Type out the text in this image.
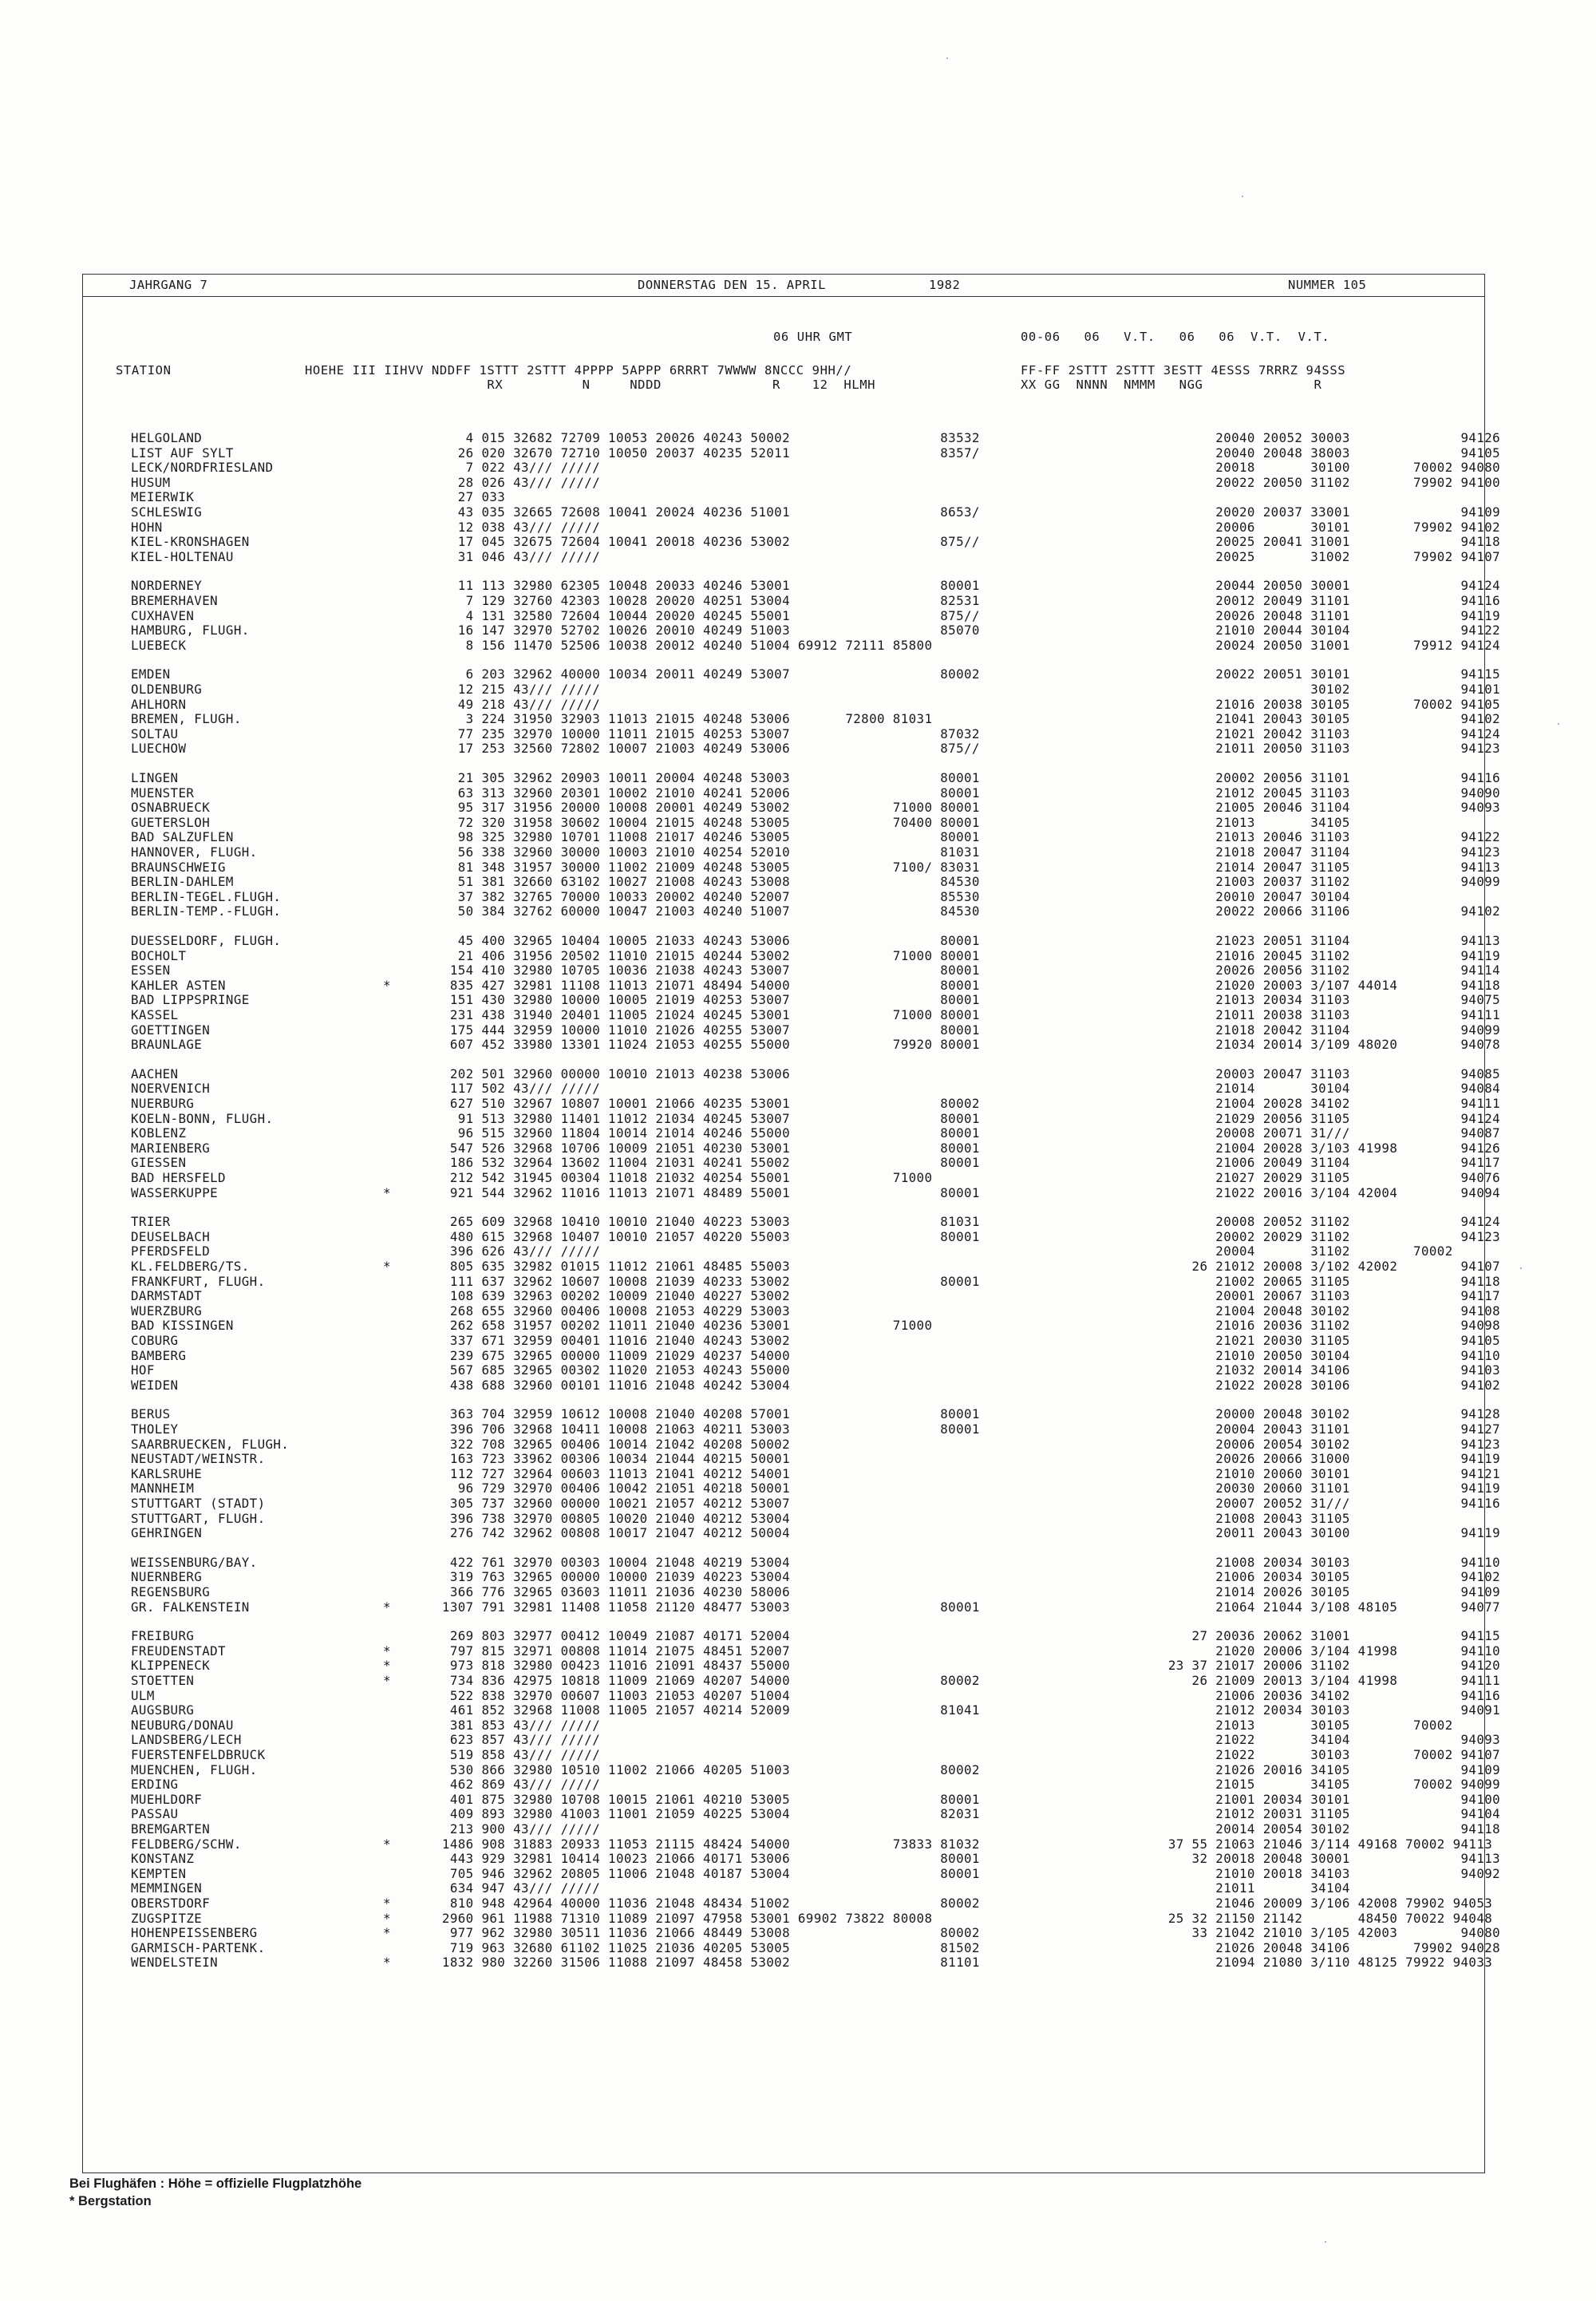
JAHRGANG 7	DONNERSTAG DEN 15. APRIL	1982	NUMMER 105
06 UHR GMT	00-06   06   V.T.   06   06  V.T.  V.T.
STATION	HOEHE III IIHVV NDDFF 1STTT 2STTT 4PPPP 5APPP 6RRRT 7WWWW 8NCCC 9HH//
RX          N     NDDD              R    12  HLMH
FF-FF 2STTT 2STTT 3ESTT 4ESSS 7RRRZ 94SSS
XX GG  NNNN  NMMM   NGG              R
HELGOLAND	4 015 32682 72709 10053 20026 40243 50002                   83532	20040 20052 30003              94126
LIST AUF SYLT	26 020 32670 72710 10050 20037 40235 52011                   8357/	20040 20048 38003              94105
LECK/NORDFRIESLAND	7 022 43/// /////	20018       30100        70002 94080
HUSUM	28 026 43/// /////	20022 20050 31102        79902 94100
MEIERWIK	27 033
SCHLESWIG	43 035 32665 72608 10041 20024 40236 51001                   8653/	20020 20037 33001              94109
HOHN	12 038 43/// /////	20006       30101        79902 94102
KIEL-KRONSHAGEN	17 045 32675 72604 10041 20018 40236 53002                   875//	20025 20041 31001              94118
KIEL-HOLTENAU	31 046 43/// /////	20025       31002        79902 94107
NORDERNEY	11 113 32980 62305 10048 20033 40246 53001                   80001	20044 20050 30001              94124
BREMERHAVEN	7 129 32760 42303 10028 20020 40251 53004                   82531	20012 20049 31101              94116
CUXHAVEN	4 131 32580 72604 10044 20020 40245 55001                   875//	20026 20048 31101              94119
HAMBURG, FLUGH.	16 147 32970 52702 10026 20010 40249 51003                   85070	21010 20044 30104              94122
LUEBECK	8 156 11470 52506 10038 20012 40240 51004 69912 72111 85800	20024 20050 31001        79912 94124
EMDEN	6 203 32962 40000 10034 20011 40249 53007                   80002	20022 20051 30101              94115
OLDENBURG	12 215 43/// /////	30102              94101
AHLHORN	49 218 43/// /////	21016 20038 30105        70002 94105
BREMEN, FLUGH.	3 224 31950 32903 11013 21015 40248 53006       72800 81031	21041 20043 30105              94102
SOLTAU	77 235 32970 10000 11011 21015 40253 53007                   87032	21021 20042 31103              94124
LUECHOW	17 253 32560 72802 10007 21003 40249 53006                   875//	21011 20050 31103              94123
LINGEN	21 305 32962 20903 10011 20004 40248 53003                   80001	20002 20056 31101              94116
MUENSTER	63 313 32960 20301 10002 21010 40241 52006                   80001	21012 20045 31103              94090
OSNABRUECK	95 317 31956 20000 10008 20001 40249 53002             71000 80001	21005 20046 31104              94093
GUETERSLOH	72 320 31958 30602 10004 21015 40248 53005             70400 80001	21013       34105
BAD SALZUFLEN	98 325 32980 10701 11008 21017 40246 53005                   80001	21013 20046 31103              94122
HANNOVER, FLUGH.	56 338 32960 30000 10003 21010 40254 52010                   81031	21018 20047 31104              94123
BRAUNSCHWEIG	81 348 31957 30000 11002 21009 40248 53005             7100/ 83031	21014 20047 31105              94113
BERLIN-DAHLEM	51 381 32660 63102 10027 21008 40243 53008                   84530	21003 20037 31102              94099
BERLIN-TEGEL.FLUGH.	37 382 32765 70000 10033 20002 40240 52007                   85530	20010 20047 30104
BERLIN-TEMP.-FLUGH.	50 384 32762 60000 10047 21003 40240 51007                   84530	20022 20066 31106              94102
DUESSELDORF, FLUGH.	45 400 32965 10404 10005 21033 40243 53006                   80001	21023 20051 31104              94113
BOCHOLT	21 406 31956 20502 11010 21015 40244 53002             71000 80001	21016 20045 31102              94119
ESSEN	154 410 32980 10705 10036 21038 40243 53007                   80001	20026 20056 31102              94114
KAHLER ASTEN	*	835 427 32981 11108 11013 21071 48494 54000                   80001	21020 20003 3/107 44014        94118
BAD LIPPSPRINGE	151 430 32980 10000 10005 21019 40253 53007                   80001	21013 20034 31103              94075
KASSEL	231 438 31940 20401 11005 21024 40245 53001             71000 80001	21011 20038 31103              94111
GOETTINGEN	175 444 32959 10000 11010 21026 40255 53007                   80001	21018 20042 31104              94099
BRAUNLAGE	607 452 33980 13301 11024 21053 40255 55000             79920 80001	21034 20014 3/109 48020        94078
AACHEN	202 501 32960 00000 10010 21013 40238 53006	20003 20047 31103              94085
NOERVENICH	117 502 43/// /////	21014       30104              94084
NUERBURG	627 510 32967 10807 10001 21066 40235 53001                   80002	21004 20028 34102              94111
KOELN-BONN, FLUGH.	91 513 32980 11401 11012 21034 40245 53007                   80001	21029 20056 31105              94124
KOBLENZ	96 515 32960 11804 10014 21014 40246 55000                   80001	20008 20071 31///              94087
MARIENBERG	547 526 32968 10706 10009 21051 40230 53001                   80001	21004 20028 3/103 41998        94126
GIESSEN	186 532 32964 13602 11004 21031 40241 55002                   80001	21006 20049 31104              94117
BAD HERSFELD	212 542 31945 00304 11018 21032 40254 55001             71000	21027 20029 31105              94076
WASSERKUPPE	*	921 544 32962 11016 11013 21071 48489 55001                   80001	21022 20016 3/104 42004        94094
TRIER	265 609 32968 10410 10010 21040 40223 53003                   81031	20008 20052 31102              94124
DEUSELBACH	480 615 32968 10407 10010 21057 40220 55003                   80001	20002 20029 31102              94123
PFERDSFELD	396 626 43/// /////	20004       31102        70002
KL.FELDBERG/TS.	*	805 635 32982 01015 11012 21061 48485 55003	26 21012 20008 3/102 42002        94107
FRANKFURT, FLUGH.	111 637 32962 10607 10008 21039 40233 53002                   80001	21002 20065 31105              94118
DARMSTADT	108 639 32963 00202 10009 21040 40227 53002	20001 20067 31103              94117
WUERZBURG	268 655 32960 00406 10008 21053 40229 53003	21004 20048 30102              94108
BAD KISSINGEN	262 658 31957 00202 11011 21040 40236 53001             71000	21016 20036 31102              94098
COBURG	337 671 32959 00401 11016 21040 40243 53002	21021 20030 31105              94105
BAMBERG	239 675 32965 00000 11009 21029 40237 54000	21010 20050 30104              94110
HOF	567 685 32965 00302 11020 21053 40243 55000	21032 20014 34106              94103
WEIDEN	438 688 32960 00101 11016 21048 40242 53004	21022 20028 30106              94102
BERUS	363 704 32959 10612 10008 21040 40208 57001                   80001	20000 20048 30102              94128
THOLEY	396 706 32968 10411 10008 21063 40211 53003                   80001	20004 20043 31101              94127
SAARBRUECKEN, FLUGH.	322 708 32965 00406 10014 21042 40208 50002	20006 20054 30102              94123
NEUSTADT/WEINSTR.	163 723 33962 00306 10034 21044 40215 50001	20026 20066 31000              94119
KARLSRUHE	112 727 32964 00603 11013 21041 40212 54001	21010 20060 30101              94121
MANNHEIM	96 729 32970 00406 10042 21051 40218 50001	20030 20060 31101              94119
STUTTGART (STADT)	305 737 32960 00000 10021 21057 40212 53007	20007 20052 31///              94116
STUTTGART, FLUGH.	396 738 32970 00805 10020 21040 40212 53004	21008 20043 31105
GEHRINGEN	276 742 32962 00808 10017 21047 40212 50004	20011 20043 30100              94119
WEISSENBURG/BAY.	422 761 32970 00303 10004 21048 40219 53004	21008 20034 30103              94110
NUERNBERG	319 763 32965 00000 10000 21039 40223 53004	21006 20034 30105              94102
REGENSBURG	366 776 32965 03603 11011 21036 40230 58006	21014 20026 30105              94109
GR. FALKENSTEIN	*	1307 791 32981 11408 11058 21120 48477 53003                   80001	21064 21044 3/108 48105        94077
FREIBURG	269 803 32977 00412 10049 21087 40171 52004	27 20036 20062 31001              94115
FREUDENSTADT	*	797 815 32971 00808 11014 21075 48451 52007	21020 20006 3/104 41998        94110
KLIPPENECK	*	973 818 32980 00423 11016 21091 48437 55000	23 37 21017 20006 31102              94120
STOETTEN	*	734 836 42975 10818 11009 21069 40207 54000                   80002	26 21009 20013 3/104 41998        94111
ULM	522 838 32970 00607 11003 21053 40207 51004	21006 20036 34102              94116
AUGSBURG	461 852 32968 11008 11005 21057 40214 52009                   81041	21012 20034 30103              94091
NEUBURG/DONAU	381 853 43/// /////	21013       30105        70002
LANDSBERG/LECH	623 857 43/// /////	21022       34104              94093
FUERSTENFELDBRUCK	519 858 43/// /////	21022       30103        70002 94107
MUENCHEN, FLUGH.	530 866 32980 10510 11002 21066 40205 51003                   80002	21026 20016 34105              94109
ERDING	462 869 43/// /////	21015       34105        70002 94099
MUEHLDORF	401 875 32980 10708 10015 21061 40210 53005                   80001	21001 20034 30101              94100
PASSAU	409 893 32980 41003 11001 21059 40225 53004                   82031	21012 20031 31105              94104
BREMGARTEN	213 900 43/// /////	20014 20054 30102              94118
FELDBERG/SCHW.	*	1486 908 31883 20933 11053 21115 48424 54000             73833 81032	37 55 21063 21046 3/114 49168 70002 94113
KONSTANZ	443 929 32981 10414 10023 21066 40171 53006                   80001	32 20018 20048 30001              94113
KEMPTEN	705 946 32962 20805 11006 21048 40187 53004                   80001	21010 20018 34103              94092
MEMMINGEN	634 947 43/// /////	21011       34104
OBERSTDORF	*	810 948 42964 40000 11036 21048 48434 51002                   80002	21046 20009 3/106 42008 79902 94053
ZUGSPITZE	*	2960 961 11988 71310 11089 21097 47958 53001 69902 73822 80008	25 32 21150 21142       48450 70022 94048
HOHENPEISSENBERG	*	977 962 32980 30511 11036 21066 48449 53008                   80002	33 21042 21010 3/105 42003        94080
GARMISCH-PARTENK.	719 963 32680 61102 11025 21036 40205 53005                   81502	21026 20048 34106        79902 94028
WENDELSTEIN	*	1832 980 32260 31506 11088 21097 48458 53002                   81101	21094 21080 3/110 48125 79922 94033
Bei Flughäfen : Höhe = offizielle Flugplatzhöhe
* Bergstation
